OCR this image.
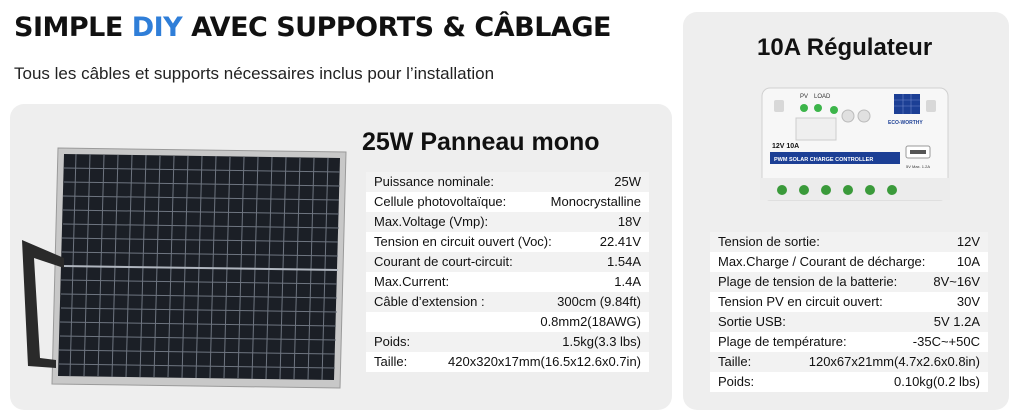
SIMPLE DIY AVEC SUPPORTS & CÂBLAGE
Tous les câbles et supports nécessaires inclus pour l’installation
25W Panneau mono
Puissance nominale:	25W
Cellule photovoltaïque:	Monocrystalline
Max.Voltage (Vmp):	18V
Tension en circuit ouvert (Voc):	22.41V
Courant de court-circuit:	1.54A
Max.Current:	1.4A
Câble d’extension :	300cm (9.84ft)
0.8mm2(18AWG)
Poids:	1.5kg(3.3 lbs)
Taille:	420x320x17mm(16.5x12.6x0.7in)
10A Régulateur
PV LOAD
ECO-WORTHY
12V 10A
PWM SOLAR CHARGE CONTROLLER
5V Max. 1.2A
Tension de sortie:	12V
Max.Charge / Courant de décharge: 10A
Plage de tension de la batterie:	8V~16V
Tension PV en circuit ouvert:	30V
Sortie USB:	5V 1.2A
Plage de température:	-35C~+50C
Taille:	120x67x21mm(4.7x2.6x0.8in)
Poids:	0.10kg(0.2 lbs)
